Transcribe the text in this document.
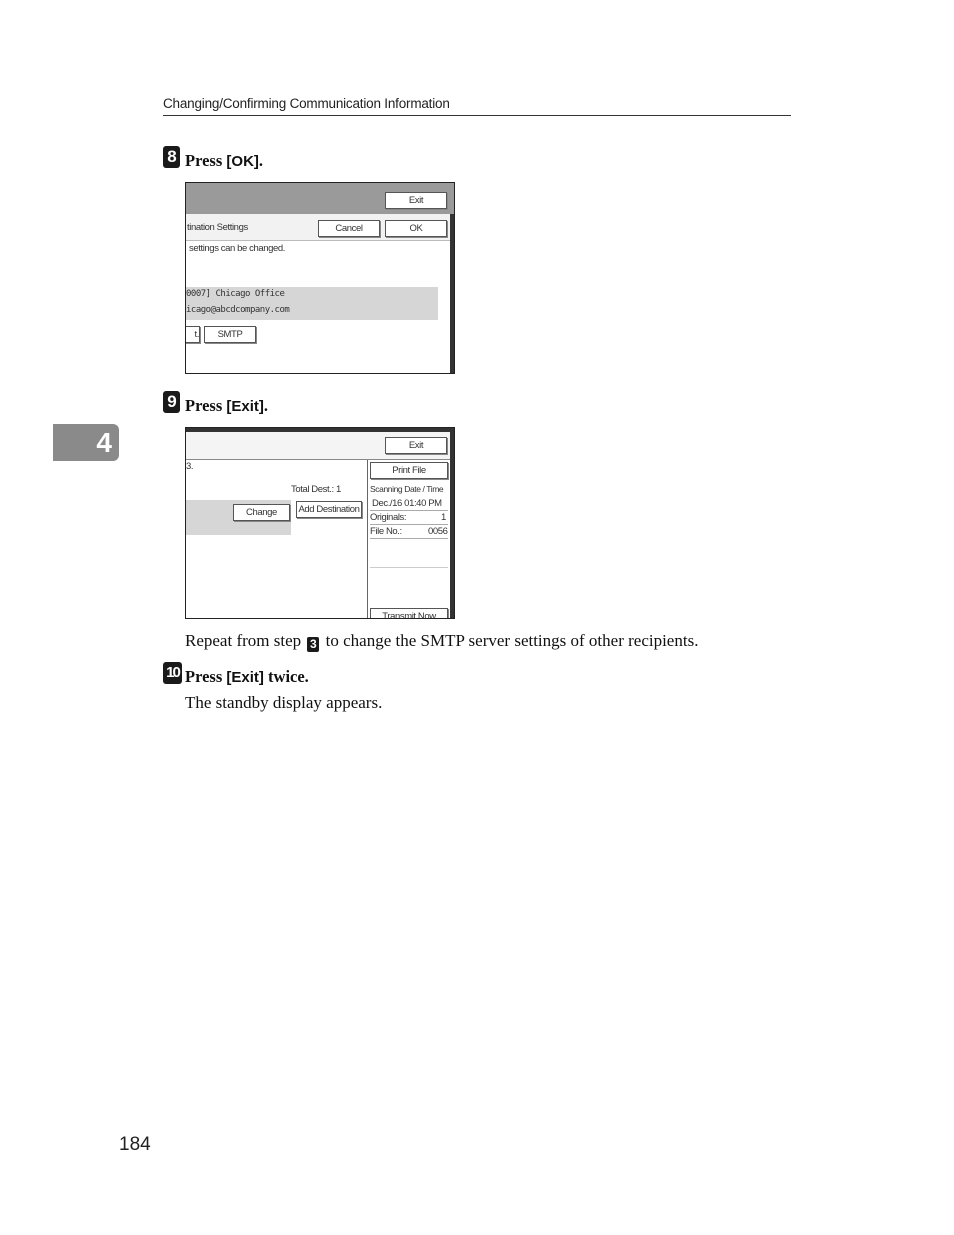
Changing/Confirming Communication Information
4
8 Press [OK].
Exit
tination Settings	Cancel	OK
settings can be changed.
0007] Chicago Office
icago@abcdcompany.com
t.	SMTP
9 Press [Exit].
Exit
3.
Total Dest.: 1
Change	Add Destination
Print File
Scanning Date / Time
Dec./16 01:40 PM
Originals:	1
File No.:	0056
Transmit Now
Repeat from step 3 to change the SMTP server settings of other recipients.
10 Press [Exit] twice.
The standby display appears.
184
